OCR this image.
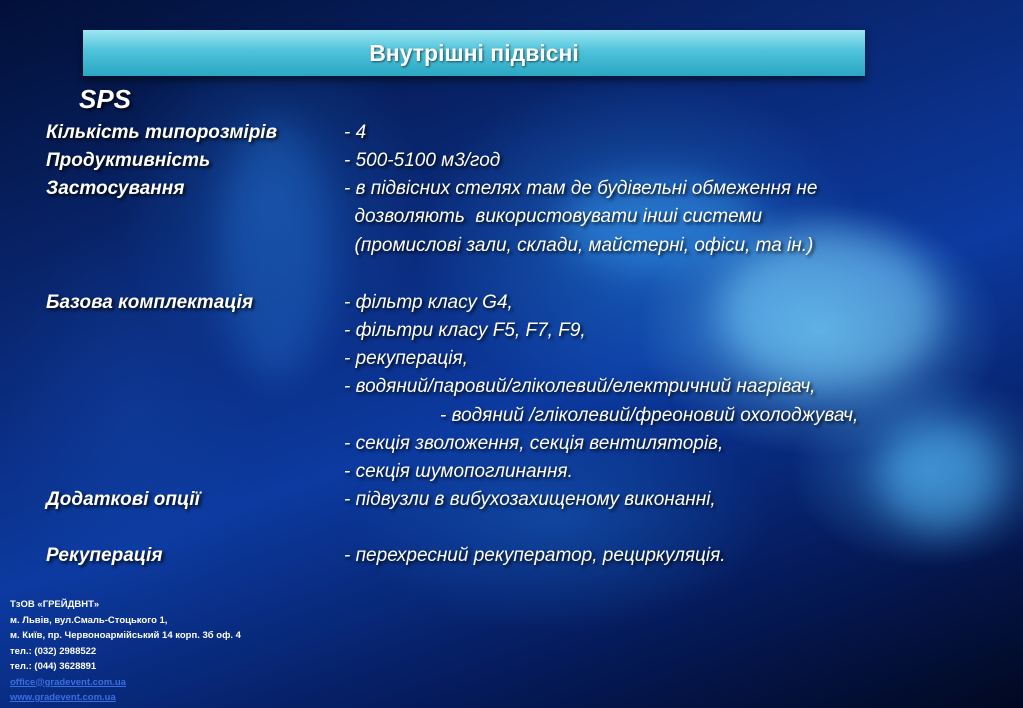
Внутрішні підвісні
SPS
Кількість типорозмірів	- 4
Продуктивність	- 500-5100 м3/год
Застосування	- в підвісних стелях там де будівельні обмеження не
дозволяють  використовувати інші системи
(промислові зали, склади, майстерні, офіси, та ін.)
Базова комплектація	- фільтр класу G4,
- фільтри класу F5, F7, F9,
- рекуперація,
- водяний/паровий/гліколевий/електричний нагрівач,
- водяний /гліколевий/фреоновий охолоджувач,
- секція зволоження, секція вентиляторів,
- секція шумопоглинання.
Додаткові опції	- підвузли в вибухозахищеному виконанні,
Рекуперація	- перехресний рекуператор, рециркуляція.
ТзОВ «ГРЕЙДВНТ»
м. Львів, вул.Смаль-Стоцького 1,
м. Київ, пр. Червоноармійський 14 корп. 3б оф. 4
тел.: (032) 2988522
тел.: (044) 3628891
office@gradevent.com.ua
www.gradevent.com.ua
